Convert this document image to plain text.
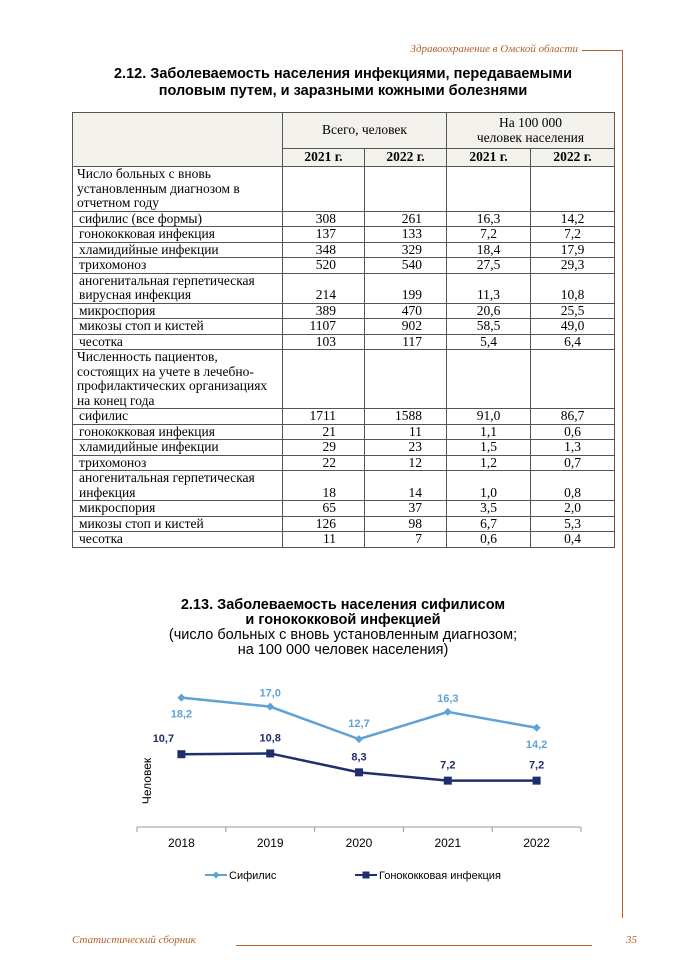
Здравоохранение в Омской области
2.12. Заболеваемость населения инфекциями, передаваемыми
половым путем, и заразными кожными болезнями
	Всего, человек		На 100 000
человек населения	

	2021 г.	2022 г.	2021 г.	2022 г.
Число больных с вновь установленным диагнозом в отчетном году				
сифилис (все формы)	308	261	16,3	14,2
гонококковая инфекция	137	133	7,2	7,2
хламидийные инфекции	348	329	18,4	17,9
трихомоноз	520	540	27,5	29,3
аногенитальная герпетическая вирусная инфекция	214	199	11,3	10,8
микроспория	389	470	20,6	25,5
микозы стоп и кистей	1107	902	58,5	49,0
чесотка	103	117	5,4	6,4
Численность пациентов, состоящих на учете в лечебно-профилактических организациях на конец года				
сифилис	1711	1588	91,0	86,7
гонококковая инфекция	21	11	1,1	0,6
хламидийные инфекции	29	23	1,5	1,3
трихомоноз	22	12	1,2	0,7
аногенитальная герпетическая инфекция	18	14	1,0	0,8
микроспория	65	37	3,5	2,0
микозы стоп и кистей	126	98	6,7	5,3
чесотка	11	7	0,6	0,4
2.13. Заболеваемость населения сифилисом
и гонококковой инфекцией
(число больных с вновь установленным диагнозом;
на 100 000 человек населения)
2018	2019	2020	2021	2022
Человек
18,2
17,0
12,7
16,3
14,2
10,7	10,8
8,3
7,2	7,2
Сифилис	Гонококковая инфекция
Статистический сборник	35
